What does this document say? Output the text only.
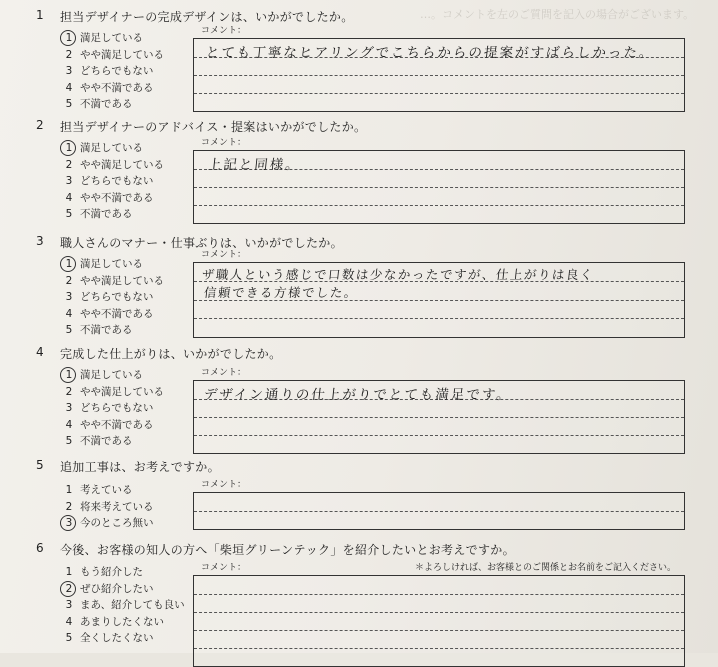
…。コメントを左のご質問を記入の場合がございます。
1 担当デザイナーの完成デザインは、いかがでしたか。
1 満足している
2 やや満足している
3 どちらでもない
4 やや不満である
5 不満である
コメント：
とても丁寧なヒアリングでこちらからの提案がすばらしかった。
2 担当デザイナーのアドバイス・提案はいかがでしたか。
1 満足している
2 やや満足している
3 どちらでもない
4 やや不満である
5 不満である
コメント：
上記と同様。
3 職人さんのマナー・仕事ぶりは、いかがでしたか。
1 満足している
2 やや満足している
3 どちらでもない
4 やや不満である
5 不満である
コメント：
ザ職人という感じで口数は少なかったですが、仕上がりは良く
信頼できる方様でした。
4 完成した仕上がりは、いかがでしたか。
1 満足している
2 やや満足している
3 どちらでもない
4 やや不満である
5 不満である
コメント：
デザイン通りの仕上がりでとても満足です。
5 追加工事は、お考えですか。
1 考えている
2 将来考えている
3 今のところ無い
コメント：
6 今後、お客様の知人の方へ「柴垣グリーンテック」を紹介したいとお考えですか。
1 もう紹介した
2 ぜひ紹介したい
3 まあ、紹介しても良い
4 あまりしたくない
5 全くしたくない
コメント：	＊よろしければ、お客様とのご関係とお名前をご記入ください。
